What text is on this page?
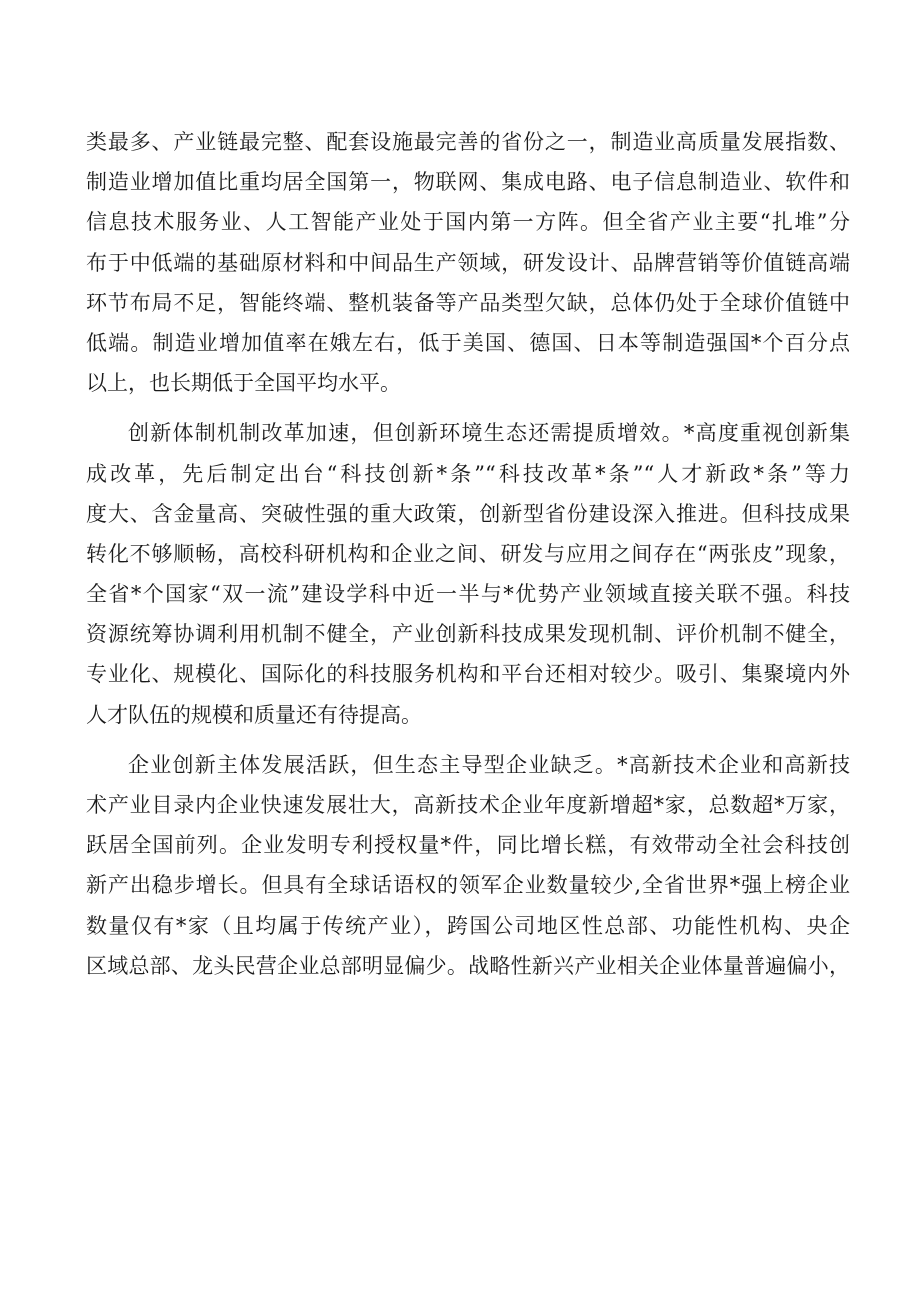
类最多、产业链最完整、配套设施最完善的省份之一，制造业高质量发展指数、
制造业增加值比重均居全国第一，物联网、集成电路、电子信息制造业、软件和
信息技术服务业、人工智能产业处于国内第一方阵。但全省产业主要“扎堆”分
布于中低端的基础原材料和中间品生产领域，研发设计、品牌营销等价值链高端
环节布局不足，智能终端、整机装备等产品类型欠缺，总体仍处于全球价值链中
低端。制造业增加值率在娥左右，低于美国、德国、日本等制造强国*个百分点
以上，也长期低于全国平均水平。
创新体制机制改革加速，但创新环境生态还需提质增效。*高度重视创新集
成改革，先后制定出台“科技创新*条”“科技改革*条”“人才新政*条”等力
度大、含金量高、突破性强的重大政策，创新型省份建设深入推进。但科技成果
转化不够顺畅，高校科研机构和企业之间、研发与应用之间存在“两张皮”现象，
全省*个国家“双一流”建设学科中近一半与*优势产业领域直接关联不强。科技
资源统筹协调利用机制不健全，产业创新科技成果发现机制、评价机制不健全，
专业化、规模化、国际化的科技服务机构和平台还相对较少。吸引、集聚境内外
人才队伍的规模和质量还有待提高。
企业创新主体发展活跃，但生态主导型企业缺乏。*高新技术企业和高新技
术产业目录内企业快速发展壮大，高新技术企业年度新增超*家，总数超*万家，
跃居全国前列。企业发明专利授权量*件，同比增长糕，有效带动全社会科技创
新产出稳步增长。但具有全球话语权的领军企业数量较少,全省世界*强上榜企业
数量仅有*家（且均属于传统产业），跨国公司地区性总部、功能性机构、央企
区域总部、龙头民营企业总部明显偏少。战略性新兴产业相关企业体量普遍偏小，
